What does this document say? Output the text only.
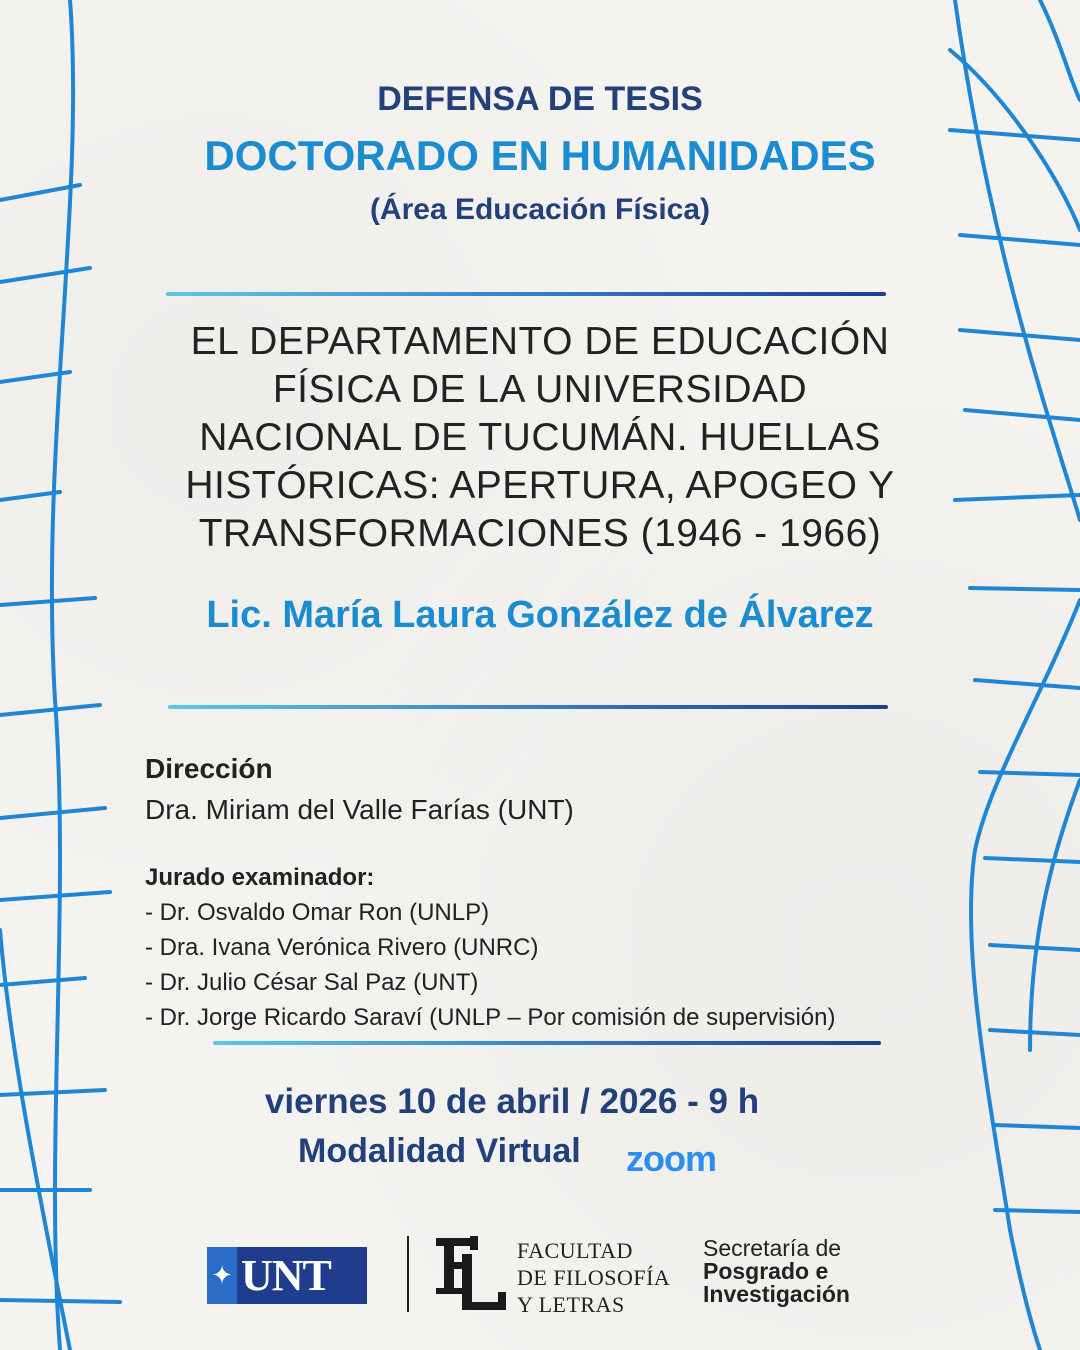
DEFENSA DE TESIS
DOCTORADO EN HUMANIDADES
(Área Educación Física)
EL DEPARTAMENTO DE EDUCACIÓN
FÍSICA DE LA UNIVERSIDAD
NACIONAL DE TUCUMÁN. HUELLAS
HISTÓRICAS: APERTURA, APOGEO Y
TRANSFORMACIONES (1946 - 1966)
Lic. María Laura González de Álvarez
Dirección
Dra. Miriam del Valle Farías (UNT)
Jurado examinador:
- Dr. Osvaldo Omar Ron (UNLP)
- Dra. Ivana Verónica Rivero (UNRC)
- Dr. Julio César Sal Paz (UNT)
- Dr. Jorge Ricardo Saraví (UNLP – Por comisión de supervisión)
viernes 10 de abril / 2026 - 9 h
Modalidad Virtual zoom
✦ UNT
FACULTAD
DE FILOSOFÍA
Y LETRAS
Secretaría de
Posgrado e
Investigación
